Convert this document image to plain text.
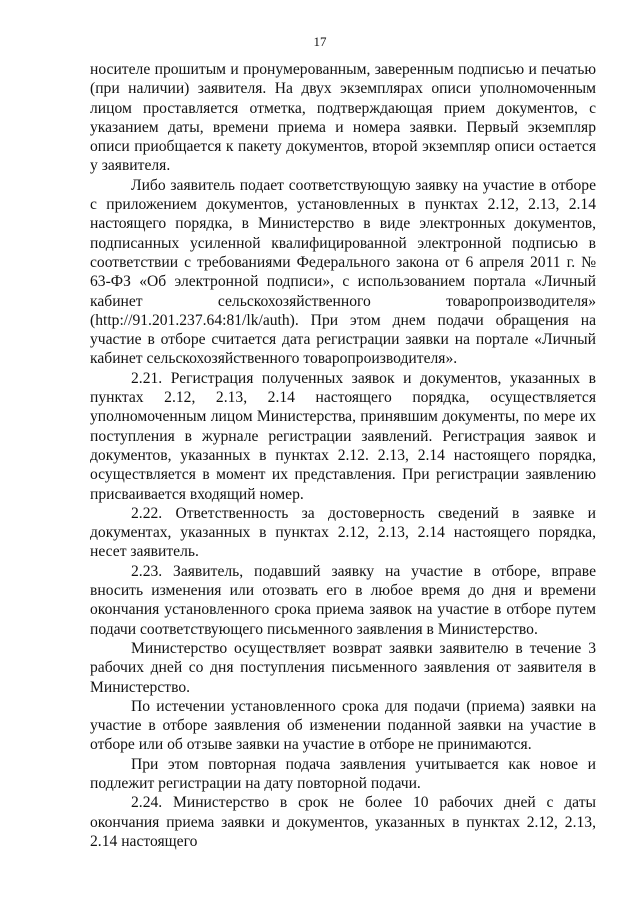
17

носителе прошитым и пронумерованным, заверенным подписью и печатью (при наличии) заявителя. На двух экземплярах описи уполномоченным лицом проставляется отметка, подтверждающая прием документов, с указанием даты, времени приема и номера заявки. Первый экземпляр описи приобщается к пакету документов, второй экземпляр описи остается у заявителя.

Либо заявитель подает соответствующую заявку на участие в отборе с приложением документов, установленных в пунктах 2.12, 2.13, 2.14 настоящего порядка, в Министерство в виде электронных документов, подписанных усиленной квалифицированной электронной подписью в соответствии с требованиями Федерального закона от 6 апреля 2011 г. № 63-ФЗ «Об электронной подписи», с использованием портала «Личный кабинет сельскохозяйственного товаропроизводителя» (http://91.201.237.64:81/lk/auth). При этом днем подачи обращения на участие в отборе считается дата регистрации заявки на портале «Личный кабинет сельскохозяйственного товаропроизводителя».

2.21. Регистрация полученных заявок и документов, указанных в пунктах 2.12, 2.13, 2.14 настоящего порядка, осуществляется уполномоченным лицом Министерства, принявшим документы, по мере их поступления в журнале регистрации заявлений. Регистрация заявок и документов, указанных в пунктах 2.12. 2.13, 2.14 настоящего порядка, осуществляется в момент их представления. При регистрации заявлению присваивается входящий номер.

2.22. Ответственность за достоверность сведений в заявке и документах, указанных в пунктах 2.12, 2.13, 2.14 настоящего порядка, несет заявитель.

2.23. Заявитель, подавший заявку на участие в отборе, вправе вносить изменения или отозвать его в любое время до дня и времени окончания установленного срока приема заявок на участие в отборе путем подачи соответствующего письменного заявления в Министерство.

Министерство осуществляет возврат заявки заявителю в течение 3 рабочих дней со дня поступления письменного заявления от заявителя в Министерство.

По истечении установленного срока для подачи (приема) заявки на участие в отборе заявления об изменении поданной заявки на участие в отборе или об отзыве заявки на участие в отборе не принимаются.

При этом повторная подача заявления учитывается как новое и подлежит регистрации на дату повторной подачи.

2.24. Министерство в срок не более 10 рабочих дней с даты окончания приема заявки и документов, указанных в пунктах 2.12, 2.13, 2.14 настоящего
